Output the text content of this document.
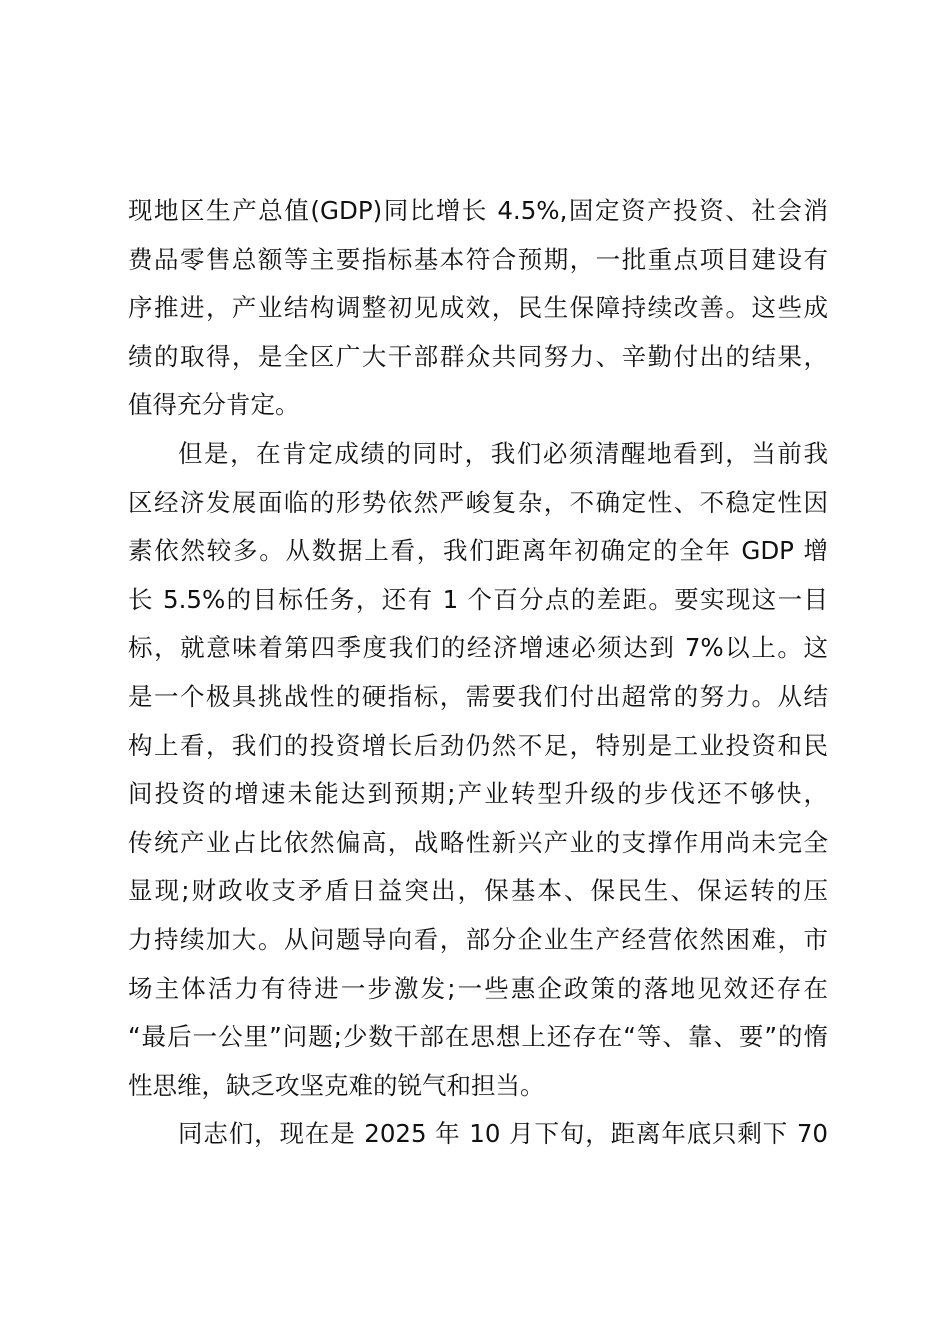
现地区生产总值(GDP)同比增长 4.5%,固定资产投资、社会消
费品零售总额等主要指标基本符合预期，一批重点项目建设有
序推进，产业结构调整初见成效，民生保障持续改善。这些成
绩的取得，是全区广大干部群众共同努力、辛勤付出的结果，
值得充分肯定。
但是，在肯定成绩的同时，我们必须清醒地看到，当前我
区经济发展面临的形势依然严峻复杂，不确定性、不稳定性因
素依然较多。从数据上看，我们距离年初确定的全年 GDP 增
长 5.5%的目标任务，还有 1 个百分点的差距。要实现这一目
标，就意味着第四季度我们的经济增速必须达到 7%以上。这
是一个极具挑战性的硬指标，需要我们付出超常的努力。从结
构上看，我们的投资增长后劲仍然不足，特别是工业投资和民
间投资的增速未能达到预期;产业转型升级的步伐还不够快，
传统产业占比依然偏高，战略性新兴产业的支撑作用尚未完全
显现;财政收支矛盾日益突出，保基本、保民生、保运转的压
力持续加大。从问题导向看，部分企业生产经营依然困难，市
场主体活力有待进一步激发;一些惠企政策的落地见效还存在
“最后一公里”问题;少数干部在思想上还存在“等、靠、要”的惰
性思维，缺乏攻坚克难的锐气和担当。
同志们，现在是 2025 年 10 月下旬，距离年底只剩下 70
